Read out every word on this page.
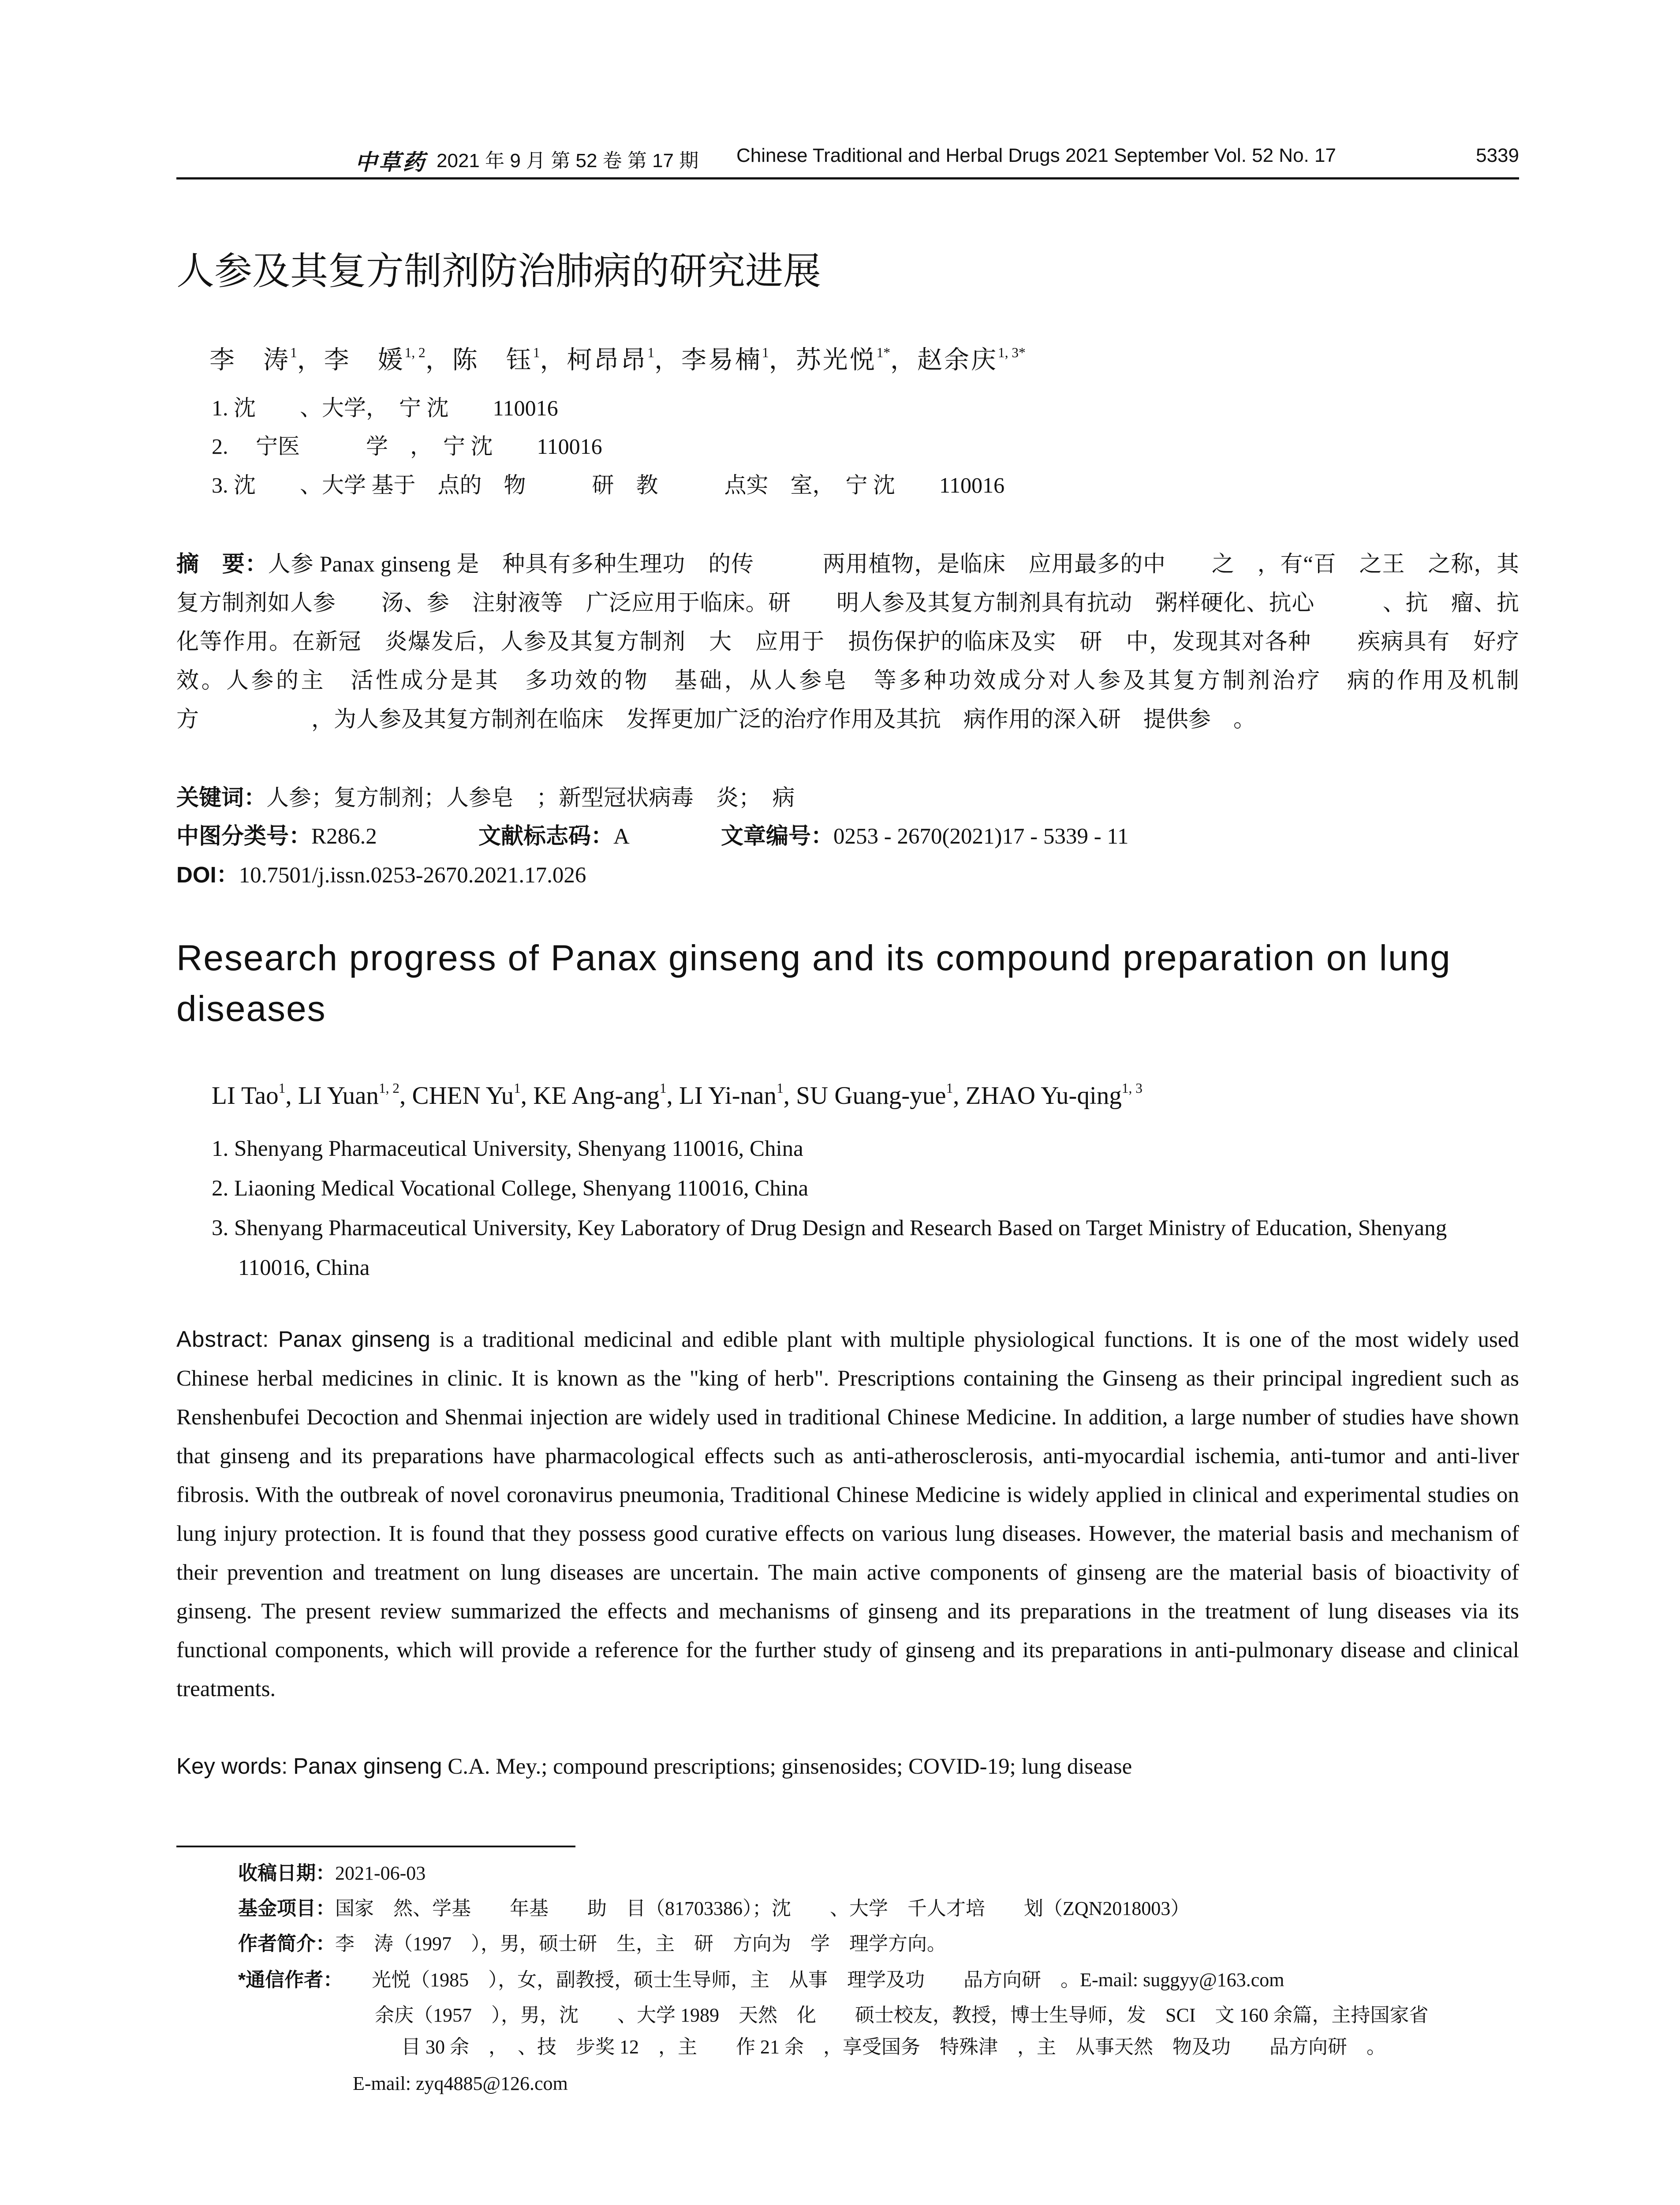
中草药 2021 年 9 月 第 52 卷 第 17 期 Chinese Traditional and Herbal Drugs 2021 September Vol. 52 No. 17	5339
人参及其复方制剂防治肺病的研究进展
李　涛$^1$，李　媛$^{1, 2}$，陈　钰$^1$，柯昂昂$^1$，李易楠$^1$，苏光悦$^{1*}$，赵余庆$^{1, 3*}$
1. 沈　　、大学，　宁 沈　　110016
2. 　宁医　　　学　，　宁 沈　　110016
3. 沈　　、大学 基于　点的　物　　　研　教　　　点实　室，　宁 沈　　110016
摘　要：人参 Panax ginseng 是　种具有多种生理功　的传　　　两用植物，是临床　应用最多的中　　之　，有“百　之王　之称，其复方制剂如人参　　汤、参　注射液等　广泛应用于临床。研　　明人参及其复方制剂具有抗动　粥样硬化、抗心　　　、抗　瘤、抗　　　化等作用。在新冠　炎爆发后，人参及其复方制剂　大　应用于　损伤保护的临床及实　研　中，发现其对各种　　疾病具有　好疗效。人参的主　活性成分是其　多功效的物　基础，从人参皂　等多种功效成分对人参及其复方制剂治疗　病的作用及机制方　　　　　，为人参及其复方制剂在临床　发挥更加广泛的治疗作用及其抗　病作用的深入研　提供参　。
关键词：人参；复方制剂；人参皂　；新型冠状病毒　炎；　病
中图分类号：R286.2	文献标志码：A	文章编号：0253 - 2670(2021)17 - 5339 - 11
DOI：10.7501/j.issn.0253-2670.2021.17.026
Research progress of Panax ginseng and its compound preparation on lung diseases
LI Tao$^1$, LI Yuan$^{1, 2}$, CHEN Yu$^1$, KE Ang-ang$^1$, LI Yi-nan$^1$, SU Guang-yue$^1$, ZHAO Yu-qing$^{1, 3}$
1. Shenyang Pharmaceutical University, Shenyang 110016, China
2. Liaoning Medical Vocational College, Shenyang 110016, China
3. Shenyang Pharmaceutical University, Key Laboratory of Drug Design and Research Based on Target Ministry of Education, Shenyang 110016, China
Abstract: Panax ginseng is a traditional medicinal and edible plant with multiple physiological functions. It is one of the most widely used Chinese herbal medicines in clinic. It is known as the "king of herb". Prescriptions containing the Ginseng as their principal ingredient such as Renshenbufei Decoction and Shenmai injection are widely used in traditional Chinese Medicine. In addition, a large number of studies have shown that ginseng and its preparations have pharmacological effects such as anti-atherosclerosis, anti-myocardial ischemia, anti-tumor and anti-liver fibrosis. With the outbreak of novel coronavirus pneumonia, Traditional Chinese Medicine is widely applied in clinical and experimental studies on lung injury protection. It is found that they possess good curative effects on various lung diseases. However, the material basis and mechanism of their prevention and treatment on lung diseases are uncertain. The main active components of ginseng are the material basis of bioactivity of ginseng. The present review summarized the effects and mechanisms of ginseng and its preparations in the treatment of lung diseases via its functional components, which will provide a reference for the further study of ginseng and its preparations in anti-pulmonary disease and clinical treatments.
Key words: Panax ginseng C.A. Mey.; compound prescriptions; ginsenosides; COVID-19; lung disease
收稿日期：2021-06-03
基金项目：国家　然、学基　　年基　　助　目（81703386）；沈　　、大学　千人才培　　划（ZQN2018003）
作者简介：李　涛（1997　），男，硕士研　生，主　研　方向为　学　理学方向。
*通信作者：　　光悦（1985　），女，副教授，硕士生导师，主　从事　理学及功　　品方向研　。E-mail: suggyy@163.com
余庆（1957　），男，沈　　、大学 1989　天然　化　　硕士校友，教授，博士生导师，发　SCI　文 160 余篇，主持国家省
目 30 余　，　、技　步奖 12　，主　　作 21 余　，享受国务　特殊津　，主　从事天然　物及功　　品方向研　。
E-mail: zyq4885@126.com
